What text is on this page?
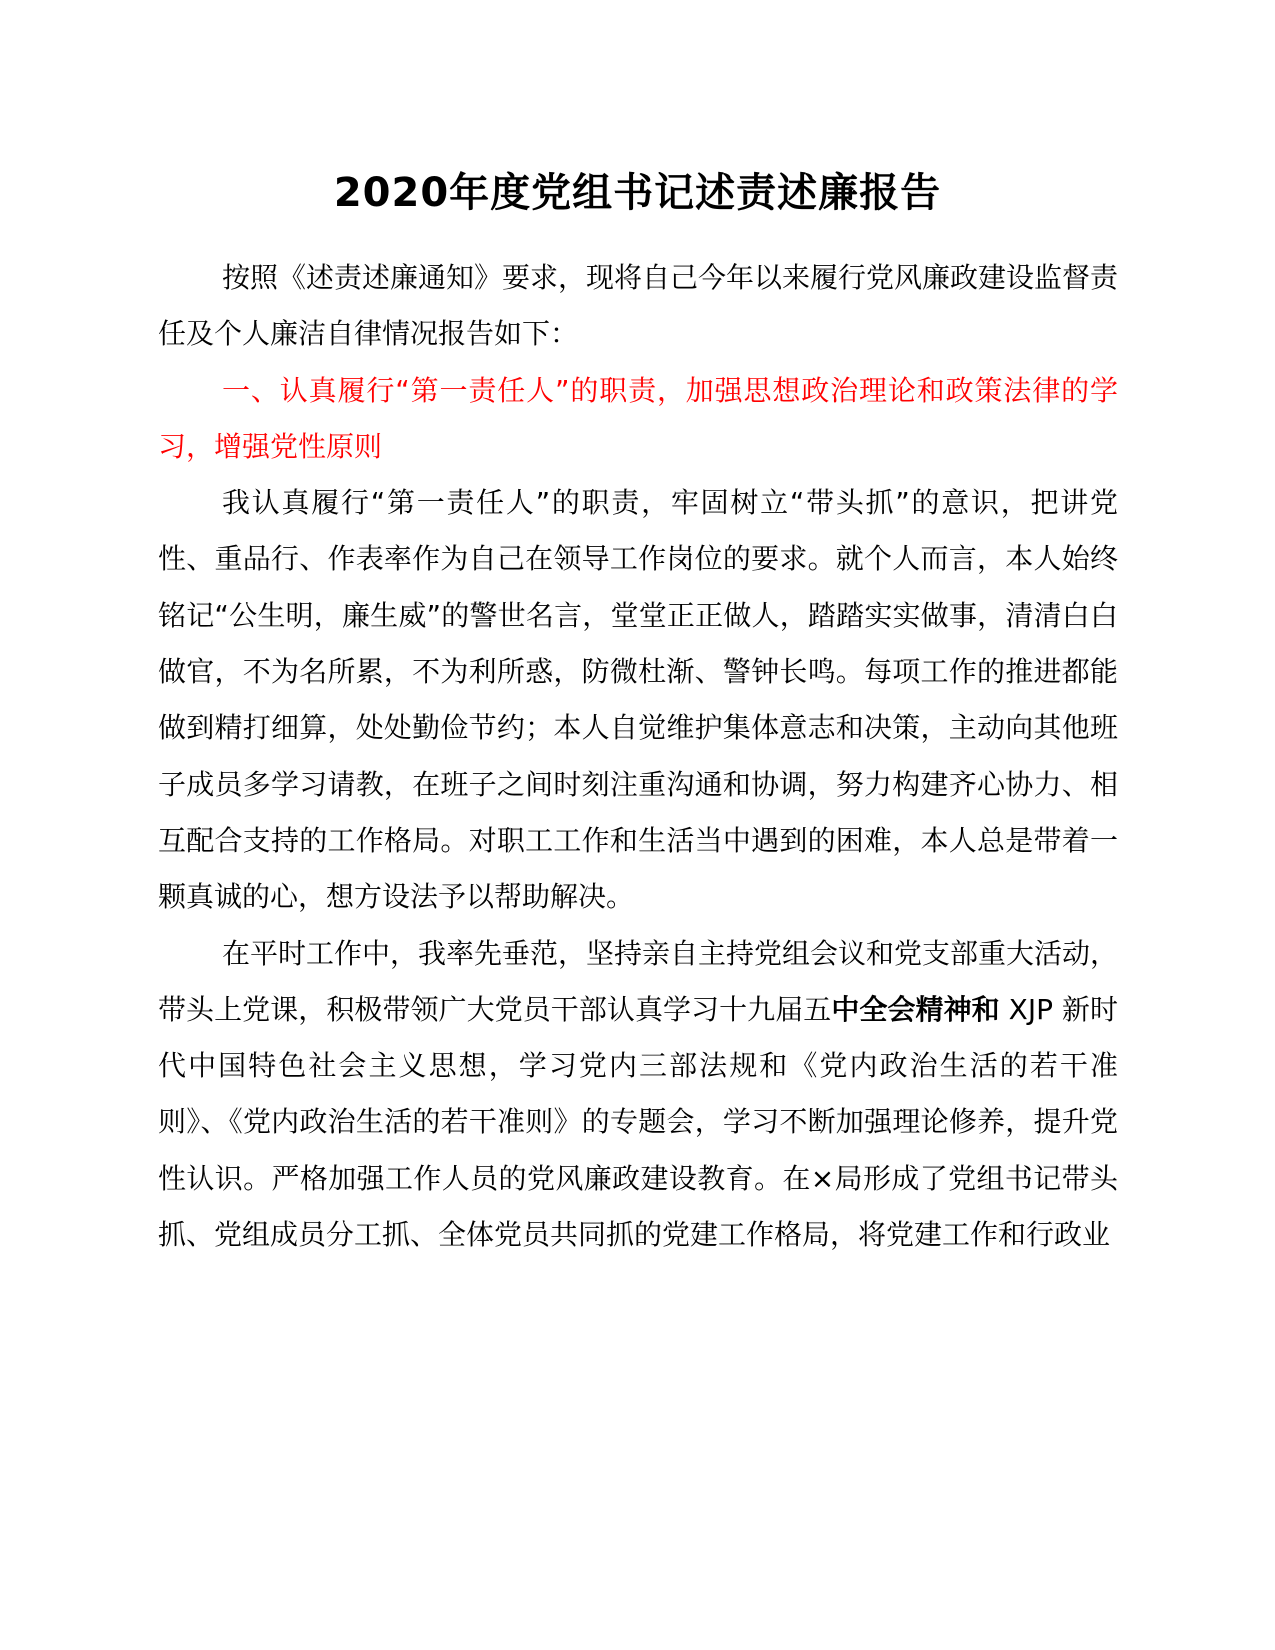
2020年度党组书记述责述廉报告

按照《述责述廉通知》要求，现将自己今年以来履行党风廉政建设监督责任及个人廉洁自律情况报告如下：

一、认真履行“第一责任人”的职责，加强思想政治理论和政策法律的学习，增强党性原则

我认真履行“第一责任人”的职责，牢固树立“带头抓”的意识，把讲党性、重品行、作表率作为自己在领导工作岗位的要求。就个人而言，本人始终铭记“公生明，廉生威”的警世名言，堂堂正正做人，踏踏实实做事，清清白白做官，不为名所累，不为利所惑，防微杜渐、警钟长鸣。每项工作的推进都能做到精打细算，处处勤俭节约；本人自觉维护集体意志和决策，主动向其他班子成员多学习请教，在班子之间时刻注重沟通和协调，努力构建齐心协力、相互配合支持的工作格局。对职工工作和生活当中遇到的困难，本人总是带着一颗真诚的心，想方设法予以帮助解决。

在平时工作中，我率先垂范，坚持亲自主持党组会议和党支部重大活动，带头上党课，积极带领广大党员干部认真学习十九届五中全会精神和 XJP 新时代中国特色社会主义思想，学习党内三部法规和《党内政治生活的若干准则》、《党内政治生活的若干准则》的专题会，学习不断加强理论修养，提升党性认识。严格加强工作人员的党风廉政建设教育。在×局形成了党组书记带头抓、党组成员分工抓、全体党员共同抓的党建工作格局，将党建工作和行政业
